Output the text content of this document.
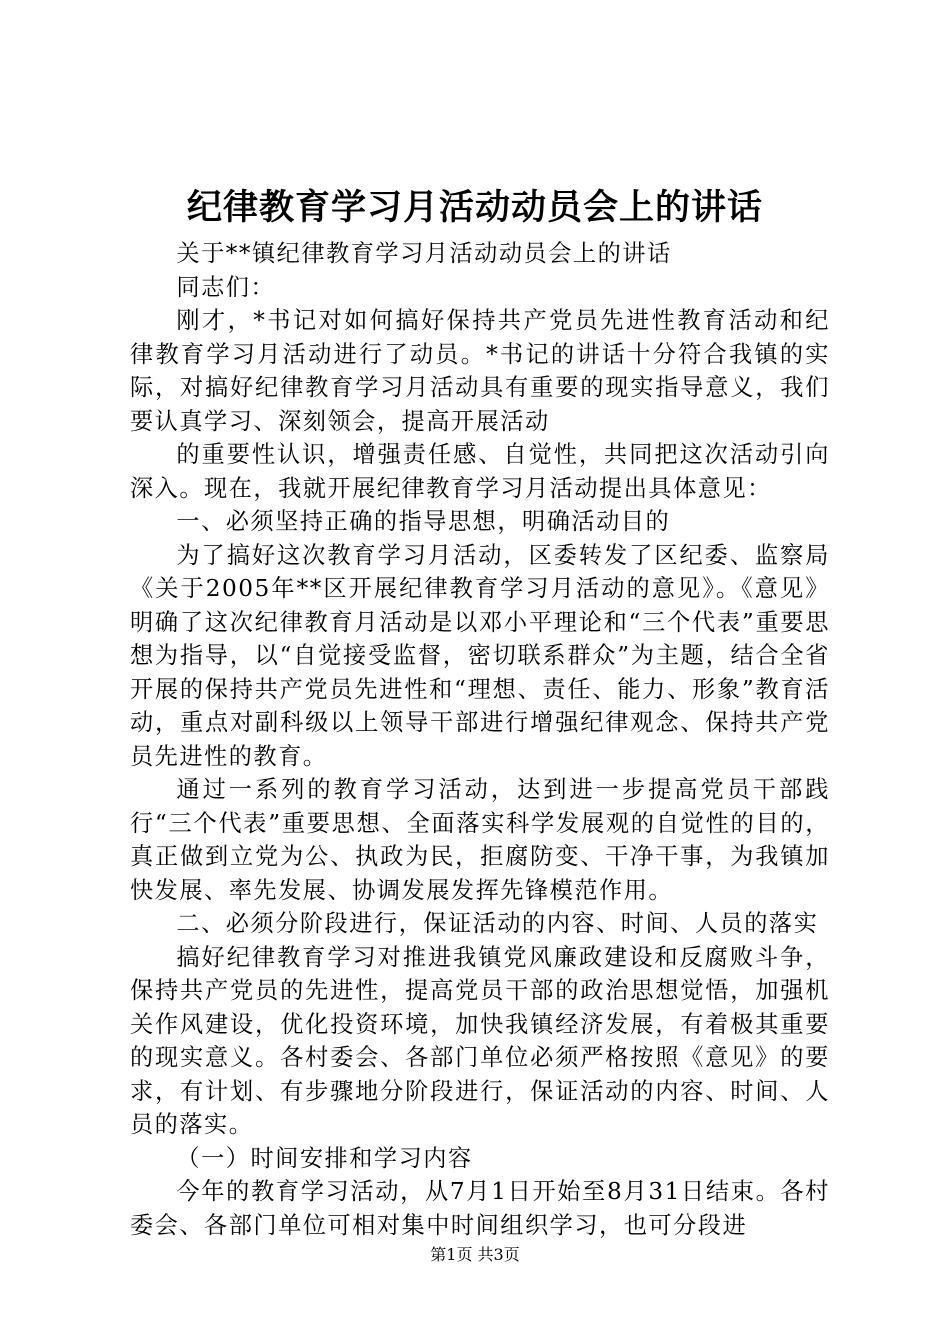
纪律教育学习月活动动员会上的讲话

关于**镇纪律教育学习月活动动员会上的讲话

同志们：

刚才，*书记对如何搞好保持共产党员先进性教育活动和纪律教育学习月活动进行了动员。*书记的讲话十分符合我镇的实际，对搞好纪律教育学习月活动具有重要的现实指导意义，我们要认真学习、深刻领会，提高开展活动

的重要性认识，增强责任感、自觉性，共同把这次活动引向深入。现在，我就开展纪律教育学习月活动提出具体意见：

一、必须坚持正确的指导思想，明确活动目的

为了搞好这次教育学习月活动，区委转发了区纪委、监察局《关于2005年**区开展纪律教育学习月活动的意见》。《意见》明确了这次纪律教育月活动是以邓小平理论和“三个代表”重要思想为指导，以“自觉接受监督，密切联系群众”为主题，结合全省开展的保持共产党员先进性和“理想、责任、能力、形象”教育活动，重点对副科级以上领导干部进行增强纪律观念、保持共产党员先进性的教育。

通过一系列的教育学习活动，达到进一步提高党员干部践行“三个代表”重要思想、全面落实科学发展观的自觉性的目的，真正做到立党为公、执政为民，拒腐防变、干净干事，为我镇加快发展、率先发展、协调发展发挥先锋模范作用。

二、必须分阶段进行，保证活动的内容、时间、人员的落实

搞好纪律教育学习对推进我镇党风廉政建设和反腐败斗争，保持共产党员的先进性，提高党员干部的政治思想觉悟，加强机关作风建设，优化投资环境，加快我镇经济发展，有着极其重要的现实意义。各村委会、各部门单位必须严格按照《意见》的要求，有计划、有步骤地分阶段进行，保证活动的内容、时间、人员的落实。

（一）时间安排和学习内容

今年的教育学习活动，从7月1日开始至8月31日结束。各村委会、各部门单位可相对集中时间组织学习，也可分段进

第1页 共3页
